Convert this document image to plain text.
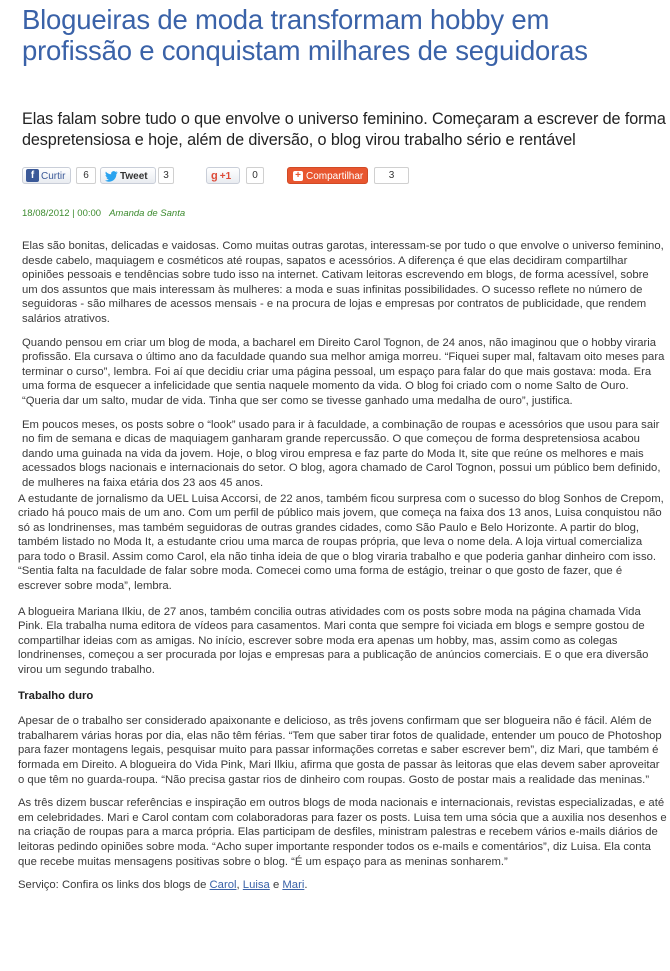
Blogueiras de moda transformam hobby em profissão e conquistam milhares de seguidoras
Elas falam sobre tudo o que envolve o universo feminino. Começaram a escrever de forma despretensiosa e hoje, além de diversão, o blog virou trabalho sério e rentável
f Curtir	6	Tweet	3	g +1	0	+ Compartilhar	3
18/08/2012 | 00:00 Amanda de Santa

Elas são bonitas, delicadas e vaidosas. Como muitas outras garotas, interessam-se por tudo o que envolve o universo feminino, desde cabelo, maquiagem e cosméticos até roupas, sapatos e acessórios. A diferença é que elas decidiram compartilhar opiniões pessoais e tendências sobre tudo isso na internet. Cativam leitoras escrevendo em blogs, de forma acessível, sobre um dos assuntos que mais interessam às mulheres: a moda e suas infinitas possibilidades. O sucesso reflete no número de seguidoras - são milhares de acessos mensais - e na procura de lojas e empresas por contratos de publicidade, que rendem salários atrativos.

Quando pensou em criar um blog de moda, a bacharel em Direito Carol Tognon, de 24 anos, não imaginou que o hobby viraria profissão. Ela cursava o último ano da faculdade quando sua melhor amiga morreu. “Fiquei super mal, faltavam oito meses para terminar o curso”, lembra. Foi aí que decidiu criar uma página pessoal, um espaço para falar do que mais gostava: moda. Era uma forma de esquecer a infelicidade que sentia naquele momento da vida. O blog foi criado com o nome Salto de Ouro. “Queria dar um salto, mudar de vida. Tinha que ser como se tivesse ganhado uma medalha de ouro”, justifica.

Em poucos meses, os posts sobre o “look” usado para ir à faculdade, a combinação de roupas e acessórios que usou para sair no fim de semana e dicas de maquiagem ganharam grande repercussão. O que começou de forma despretensiosa acabou dando uma guinada na vida da jovem. Hoje, o blog virou empresa e faz parte do Moda It, site que reúne os melhores e mais acessados blogs nacionais e internacionais do setor. O blog, agora chamado de Carol Tognon, possui um público bem definido, de mulheres na faixa etária dos 23 aos 45 anos.

A estudante de jornalismo da UEL Luisa Accorsi, de 22 anos, também ficou surpresa com o sucesso do blog Sonhos de Crepom, criado há pouco mais de um ano. Com um perfil de público mais jovem, que começa na faixa dos 13 anos, Luisa conquistou não só as londrinenses, mas também seguidoras de outras grandes cidades, como São Paulo e Belo Horizonte. A partir do blog, também listado no Moda It, a estudante criou uma marca de roupas própria, que leva o nome dela. A loja virtual comercializa para todo o Brasil. Assim como Carol, ela não tinha ideia de que o blog viraria trabalho e que poderia ganhar dinheiro com isso. “Sentia falta na faculdade de falar sobre moda. Comecei como uma forma de estágio, treinar o que gosto de fazer, que é escrever sobre moda”, lembra.

A blogueira Mariana Ilkiu, de 27 anos, também concilia outras atividades com os posts sobre moda na página chamada Vida Pink. Ela trabalha numa editora de vídeos para casamentos. Mari conta que sempre foi viciada em blogs e sempre gostou de compartilhar ideias com as amigas. No início, escrever sobre moda era apenas um hobby, mas, assim como as colegas londrinenses, começou a ser procurada por lojas e empresas para a publicação de anúncios comerciais. E o que era diversão virou um segundo trabalho.

Trabalho duro

Apesar de o trabalho ser considerado apaixonante e delicioso, as três jovens confirmam que ser blogueira não é fácil. Além de trabalharem várias horas por dia, elas não têm férias. “Tem que saber tirar fotos de qualidade, entender um pouco de Photoshop para fazer montagens legais, pesquisar muito para passar informações corretas e saber escrever bem”, diz Mari, que também é formada em Direito. A blogueira do Vida Pink, Mari Ilkiu, afirma que gosta de passar às leitoras que elas devem saber aproveitar o que têm no guarda-roupa. “Não precisa gastar rios de dinheiro com roupas. Gosto de postar mais a realidade das meninas.”

As três dizem buscar referências e inspiração em outros blogs de moda nacionais e internacionais, revistas especializadas, e até em celebridades. Mari e Carol contam com colaboradoras para fazer os posts. Luisa tem uma sócia que a auxilia nos desenhos e na criação de roupas para a marca própria. Elas participam de desfiles, ministram palestras e recebem vários e-mails diários de leitoras pedindo opiniões sobre moda. “Acho super importante responder todos os e-mails e comentários”, diz Luisa. Ela conta que recebe muitas mensagens positivas sobre o blog. “É um espaço para as meninas sonharem.”

Serviço: Confira os links dos blogs de Carol, Luisa e Mari.
